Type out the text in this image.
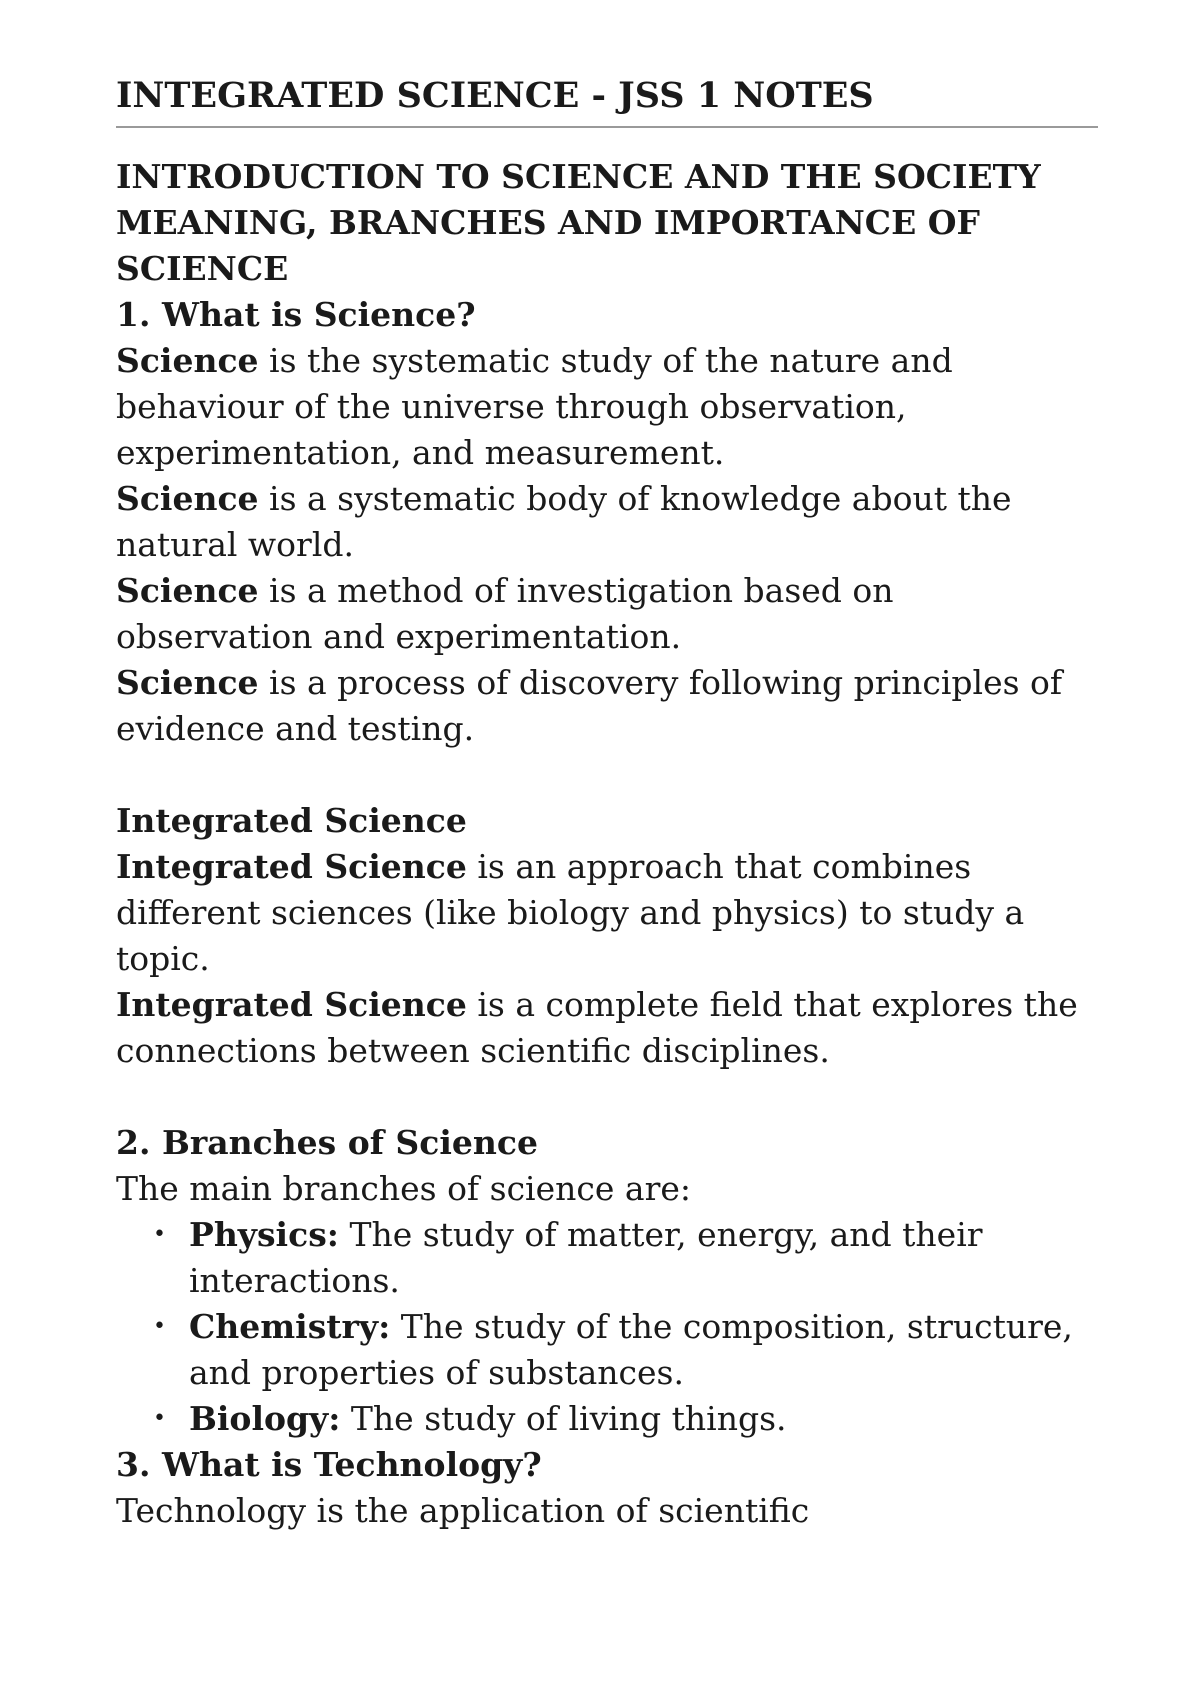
INTEGRATED SCIENCE - JSS 1 NOTES

INTRODUCTION TO SCIENCE AND THE SOCIETY
MEANING, BRANCHES AND IMPORTANCE OF SCIENCE

1. What is Science?

Science is the systematic study of the nature and behaviour of the universe through observation, experimentation, and measurement.

Science is a systematic body of knowledge about the natural world.

Science is a method of investigation based on observation and experimentation.

Science is a process of discovery following principles of evidence and testing.

Integrated Science

Integrated Science is an approach that combines different sciences (like biology and physics) to study a topic.

Integrated Science is a complete field that explores the connections between scientific disciplines.

2. Branches of Science

The main branches of science are:

• Physics: The study of matter, energy, and their interactions.
• Chemistry: The study of the composition, structure, and properties of substances.
• Biology: The study of living things.

3. What is Technology?

Technology is the application of scientific
